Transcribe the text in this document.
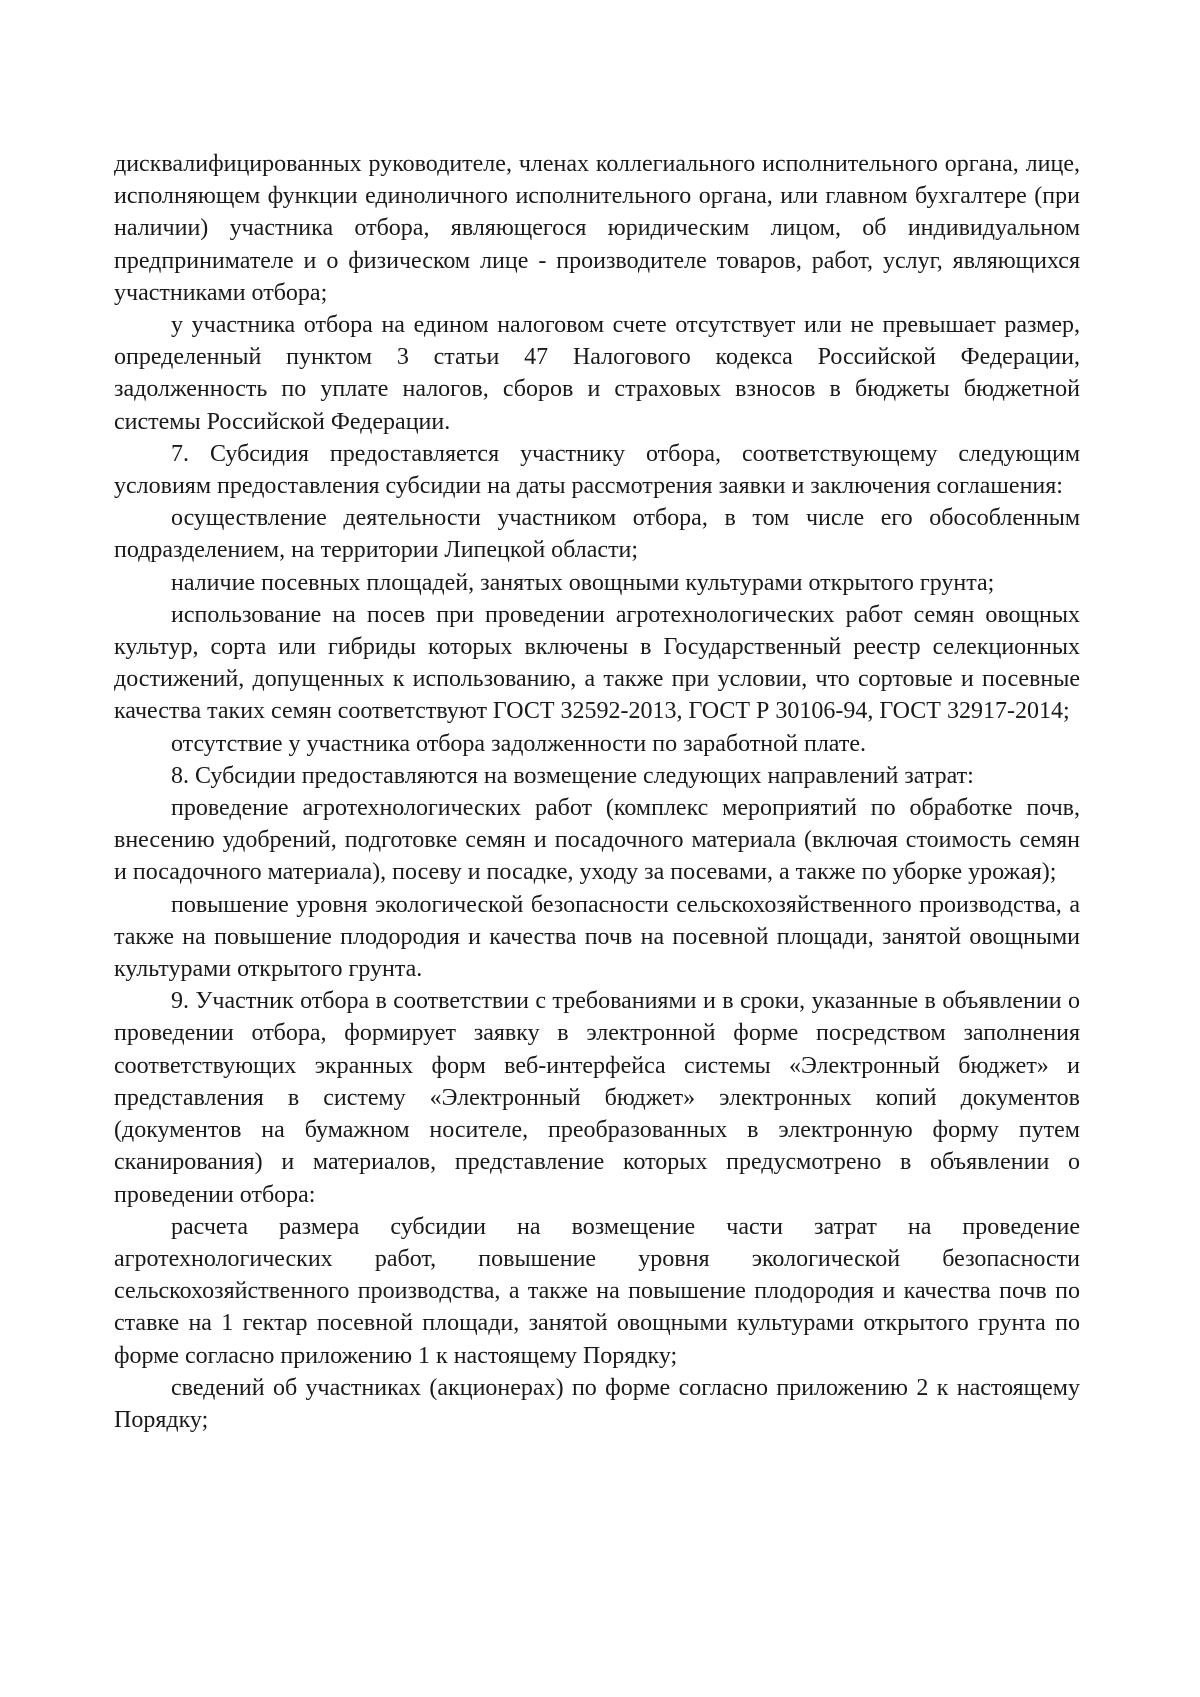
дисквалифицированных руководителе, членах коллегиального исполнительного органа, лице, исполняющем функции единоличного исполнительного органа, или главном бухгалтере (при наличии) участника отбора, являющегося юридическим лицом, об индивидуальном предпринимателе и о физическом лице - производителе товаров, работ, услуг, являющихся участниками отбора;

у участника отбора на едином налоговом счете отсутствует или не превышает размер, определенный пунктом 3 статьи 47 Налогового кодекса Российской Федерации, задолженность по уплате налогов, сборов и страховых взносов в бюджеты бюджетной системы Российской Федерации.

7. Субсидия предоставляется участнику отбора, соответствующему следующим условиям предоставления субсидии на даты рассмотрения заявки и заключения соглашения:

осуществление деятельности участником отбора, в том числе его обособленным подразделением, на территории Липецкой области;

наличие посевных площадей, занятых овощными культурами открытого грунта;

использование на посев при проведении агротехнологических работ семян овощных культур, сорта или гибриды которых включены в Государственный реестр селекционных достижений, допущенных к использованию, а также при условии, что сортовые и посевные качества таких семян соответствуют ГОСТ 32592-2013, ГОСТ Р 30106-94, ГОСТ 32917-2014;

отсутствие у участника отбора задолженности по заработной плате.

8. Субсидии предоставляются на возмещение следующих направлений затрат:

проведение агротехнологических работ (комплекс мероприятий по обработке почв, внесению удобрений, подготовке семян и посадочного материала (включая стоимость семян и посадочного материала), посеву и посадке, уходу за посевами, а также по уборке урожая);

повышение уровня экологической безопасности сельскохозяйственного производства, а также на повышение плодородия и качества почв на посевной площади, занятой овощными культурами открытого грунта.

9. Участник отбора в соответствии с требованиями и в сроки, указанные в объявлении о проведении отбора, формирует заявку в электронной форме посредством заполнения соответствующих экранных форм веб-интерфейса системы «Электронный бюджет» и представления в систему «Электронный бюджет» электронных копий документов (документов на бумажном носителе, преобразованных в электронную форму путем сканирования) и материалов, представление которых предусмотрено в объявлении о проведении отбора:

расчета размера субсидии на возмещение части затрат на проведение агротехнологических работ, повышение уровня экологической безопасности сельскохозяйственного производства, а также на повышение плодородия и качества почв по ставке на 1 гектар посевной площади, занятой овощными культурами открытого грунта по форме согласно приложению 1 к настоящему Порядку;

сведений об участниках (акционерах) по форме согласно приложению 2 к настоящему Порядку;
